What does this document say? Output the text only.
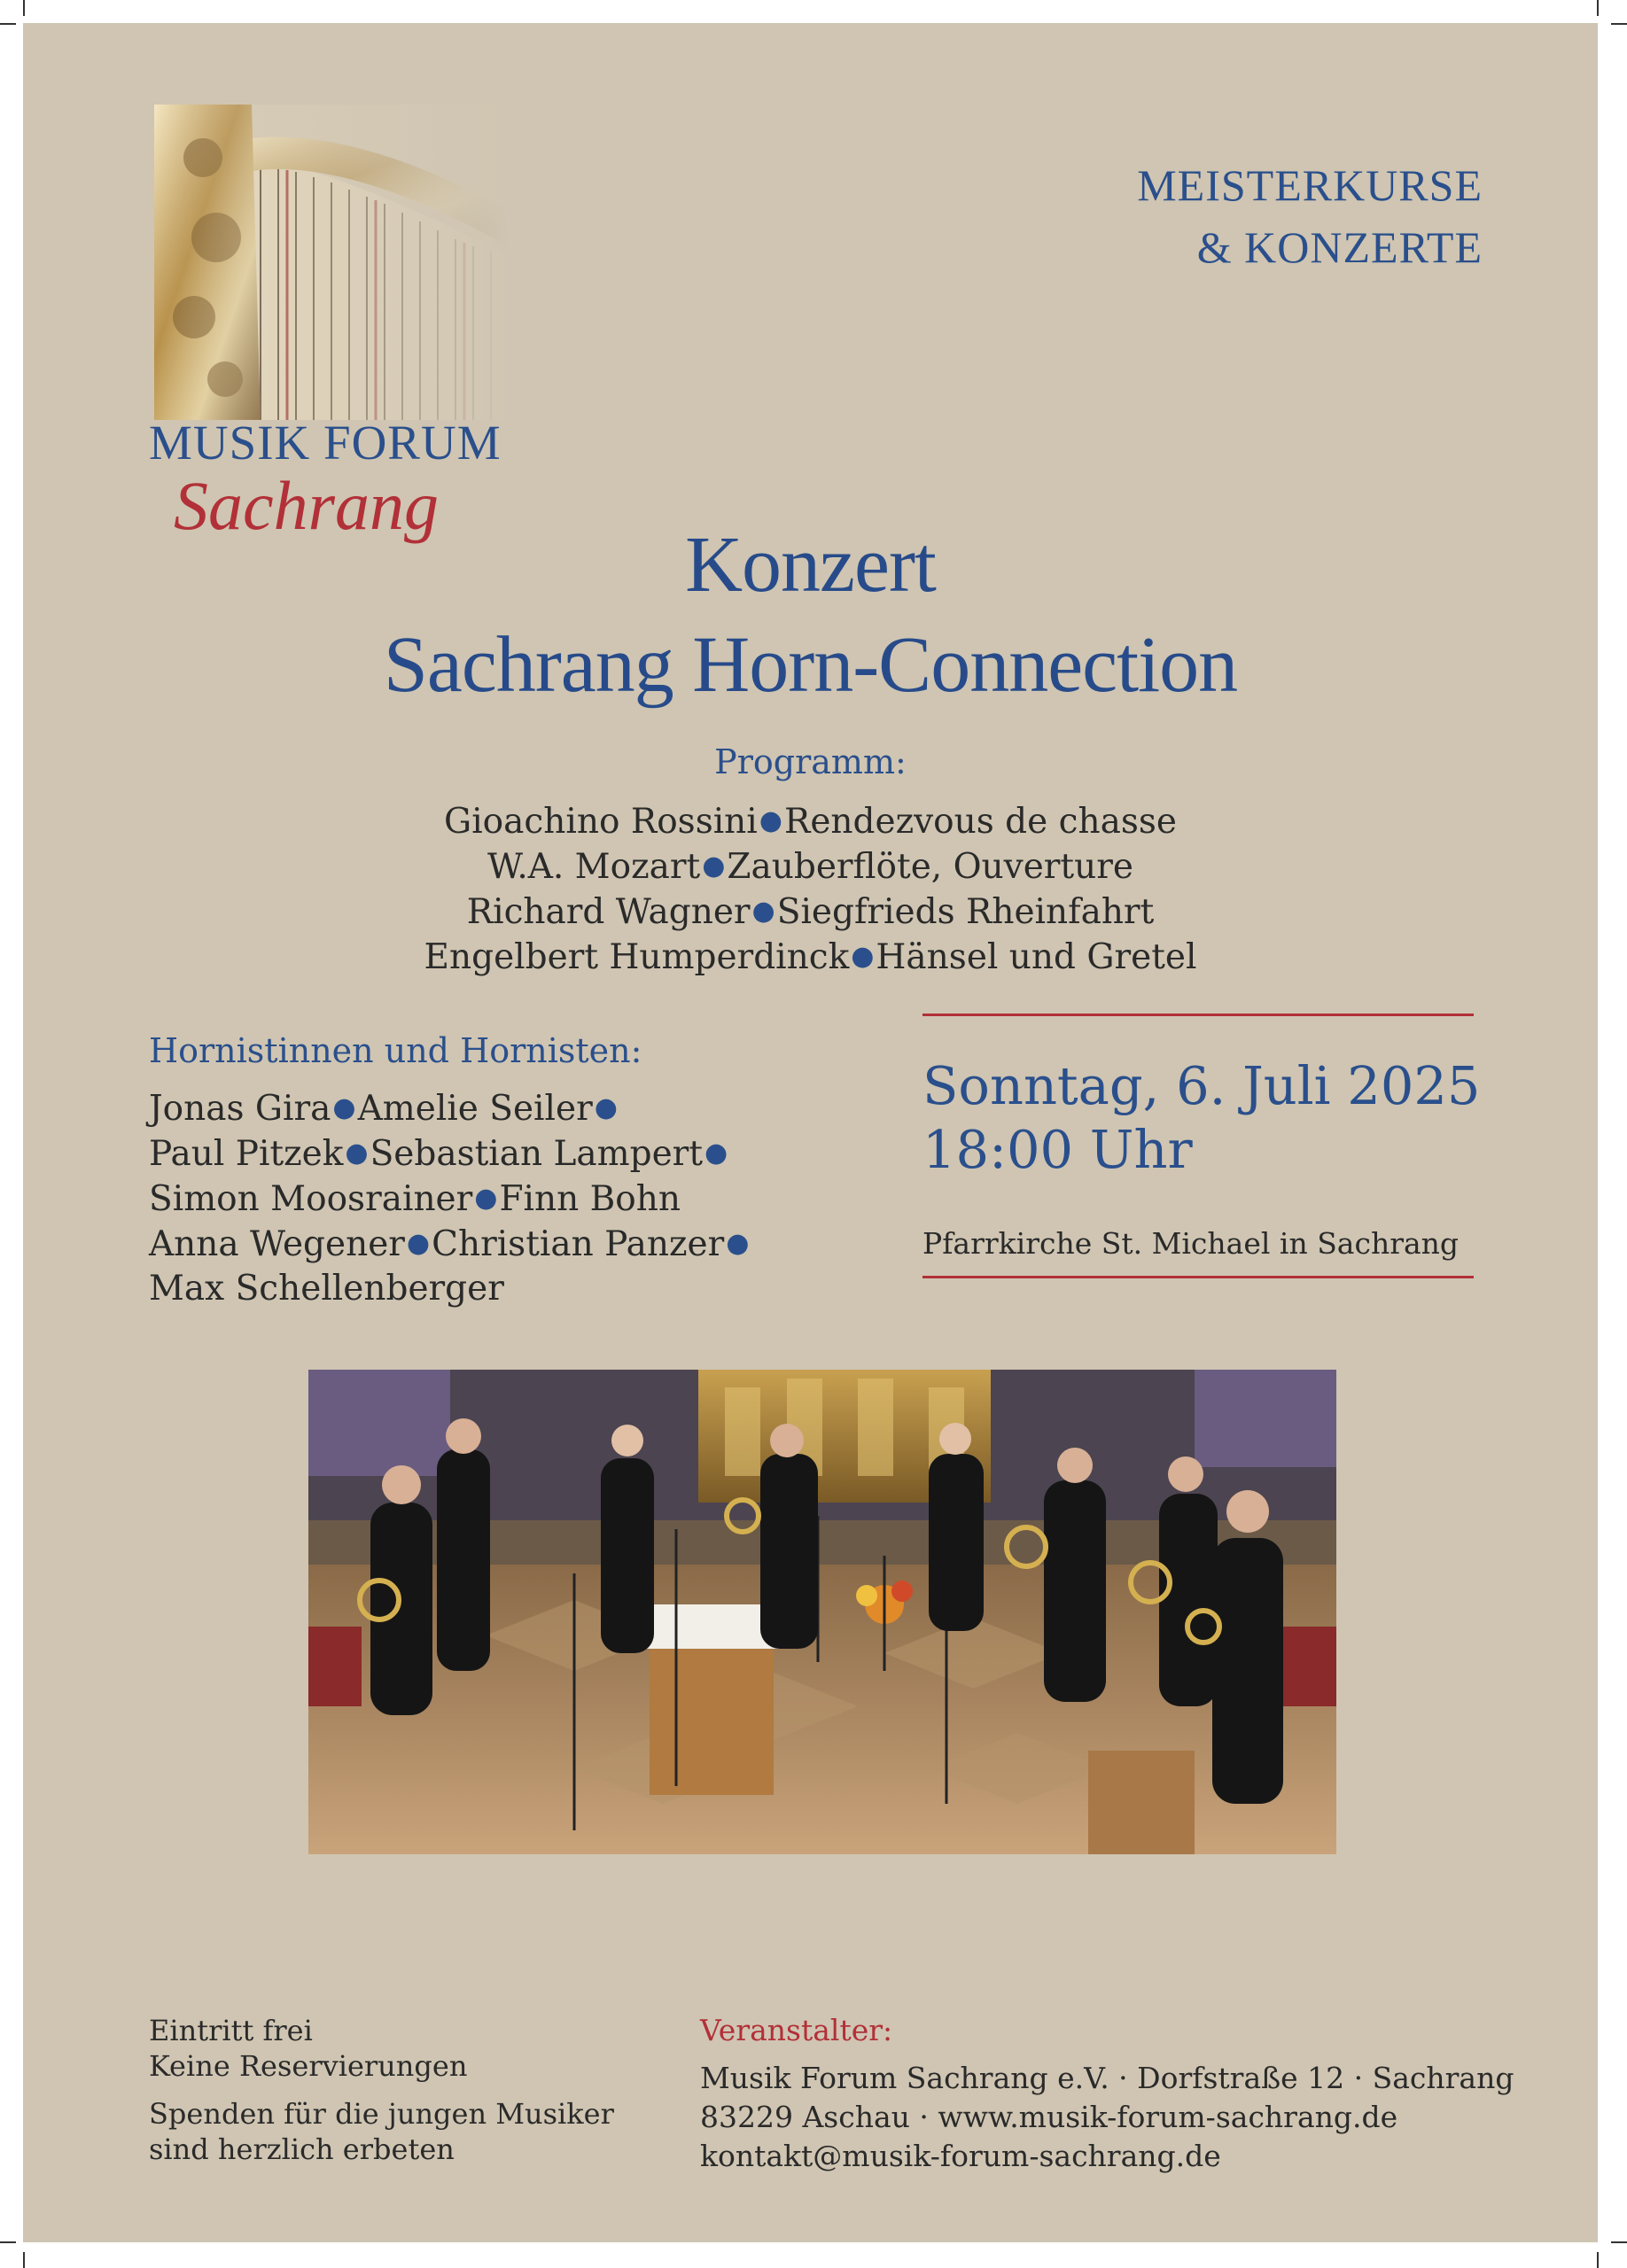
MUSIK FORUM
Sachrang
MEISTERKURSE
& KONZERTE
Konzert
Sachrang Horn-Connection
Programm:
Gioachino Rossini●Rendezvous de chasse
W.A. Mozart●Zauberflöte, Ouverture
Richard Wagner●Siegfrieds Rheinfahrt
Engelbert Humperdinck●Hänsel und Gretel
Hornistinnen und Hornisten:
Jonas Gira●Amelie Seiler●
Paul Pitzek●Sebastian Lampert●
Simon Moosrainer●Finn Bohn
Anna Wegener●Christian Panzer●
Max Schellenberger
Sonntag, 6. Juli 2025
18:00 Uhr
Pfarrkirche St. Michael in Sachrang
Eintritt frei
Keine Reservierungen
Spenden für die jungen Musiker
sind herzlich erbeten
Veranstalter:
Musik Forum Sachrang e.V. · Dorfstraße 12 · Sachrang
83229 Aschau · www.musik-forum-sachrang.de
kontakt@musik-forum-sachrang.de
